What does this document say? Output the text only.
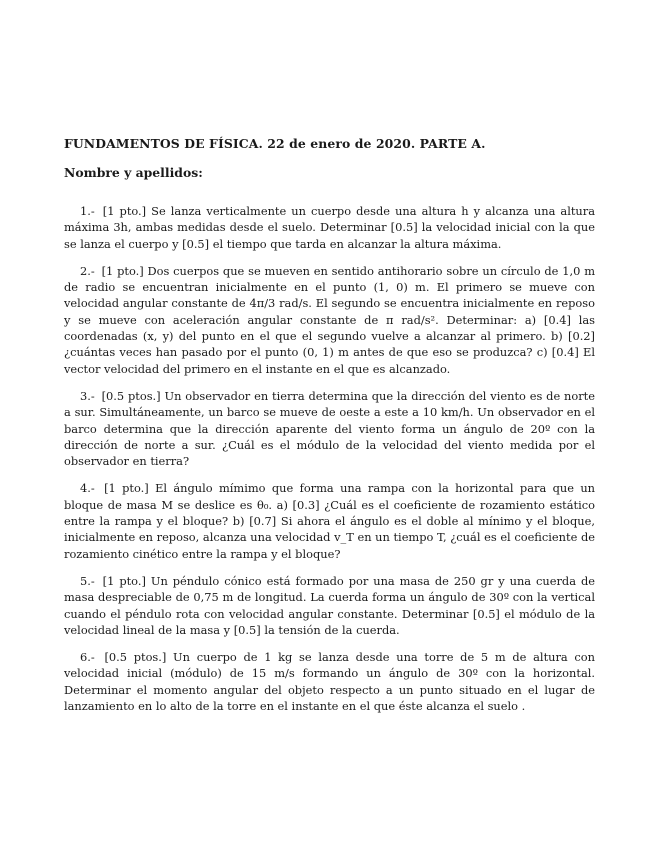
FUNDAMENTOS DE FÍSICA. 22 de enero de 2020. PARTE A.

Nombre y apellidos:

1.- [1 pto.] Se lanza verticalmente un cuerpo desde una altura h y alcanza una altura máxima 3h, ambas medidas desde el suelo. Determinar [0.5] la velocidad inicial con la que se lanza el cuerpo y [0.5] el tiempo que tarda en alcanzar la altura máxima.

2.- [1 pto.] Dos cuerpos que se mueven en sentido antihorario sobre un círculo de 1,0 m de radio se encuentran inicialmente en el punto (1, 0) m. El primero se mueve con velocidad angular constante de 4π/3 rad/s. El segundo se encuentra inicialmente en reposo y se mueve con aceleración angular constante de π rad/s². Determinar: a) [0.4] las coordenadas (x, y) del punto en el que el segundo vuelve a alcanzar al primero. b) [0.2] ¿cuántas veces han pasado por el punto (0, 1) m antes de que eso se produzca? c) [0.4] El vector velocidad del primero en el instante en el que es alcanzado.

3.- [0.5 ptos.] Un observador en tierra determina que la dirección del viento es de norte a sur. Simultáneamente, un barco se mueve de oeste a este a 10 km/h. Un observador en el barco determina que la dirección aparente del viento forma un ángulo de 20º con la dirección de norte a sur. ¿Cuál es el módulo de la velocidad del viento medida por el observador en tierra?

4.- [1 pto.] El ángulo mímimo que forma una rampa con la horizontal para que un bloque de masa M se deslice es θ₀. a) [0.3] ¿Cuál es el coeficiente de rozamiento estático entre la rampa y el bloque? b) [0.7] Si ahora el ángulo es el doble al mínimo y el bloque, inicialmente en reposo, alcanza una velocidad v_T en un tiempo T, ¿cuál es el coeficiente de rozamiento cinético entre la rampa y el bloque?

5.- [1 pto.] Un péndulo cónico está formado por una masa de 250 gr y una cuerda de masa despreciable de 0,75 m de longitud. La cuerda forma un ángulo de 30º con la vertical cuando el péndulo rota con velocidad angular constante. Determinar [0.5] el módulo de la velocidad lineal de la masa y [0.5] la tensión de la cuerda.

6.- [0.5 ptos.] Un cuerpo de 1 kg se lanza desde una torre de 5 m de altura con velocidad inicial (módulo) de 15 m/s formando un ángulo de 30º con la horizontal. Determinar el momento angular del objeto respecto a un punto situado en el lugar de lanzamiento en lo alto de la torre en el instante en el que éste alcanza el suelo .
